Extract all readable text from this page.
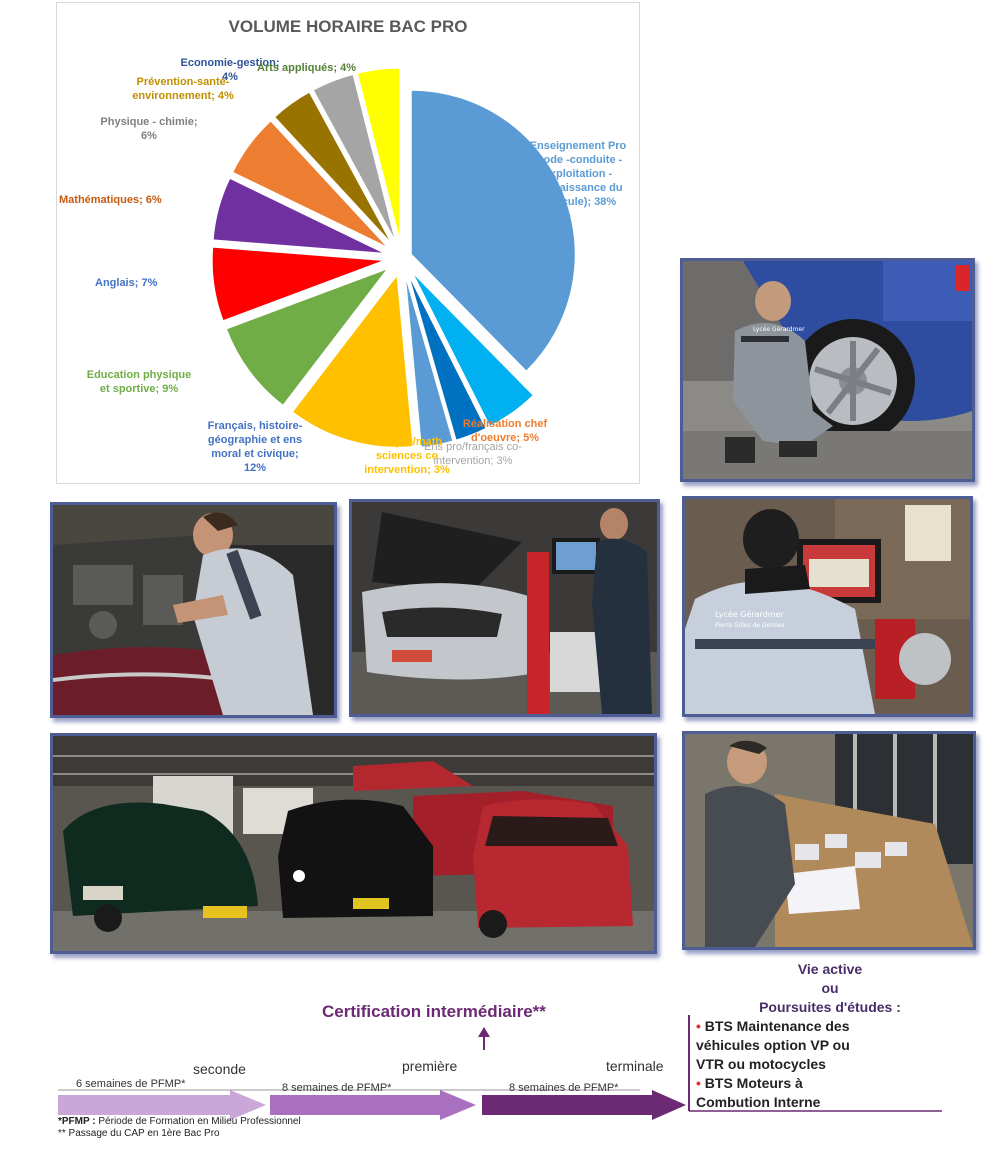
VOLUME HORAIRE BAC PRO
Enseignement Pro
(code -conduite -
exploitation -
connaissance du
véhicule); 38%
Réalisation chef
d'oeuvre; 5%
Ens pro/français co-
intervention; 3%
Ens pro/math
sciences co
intervention; 3%
Français, histoire-
géographie et ens
moral et civique;
12%
Education physique
et sportive; 9%
Anglais; 7%
Mathématiques; 6%
Physique - chimie;
6%
Prévention-santé-
environnement; 4%
Economie-gestion;
4%
Arts appliqués; 4%
Lycée Gérardmer
Lycée Gérardmer
Pierre Gilles de Gennes
Certification intermédiaire**
seconde	première	terminale
6 semaines de PFMP*	8 semaines de PFMP*	8 semaines de PFMP*
Vie active
ou
Poursuites d'études :
• BTS Maintenance des
véhicules option VP ou
VTR ou motocycles
• BTS Moteurs à
Combution Interne
*PFMP : Période de Formation en Milieu Professionnel
** Passage du CAP en 1ère Bac Pro
